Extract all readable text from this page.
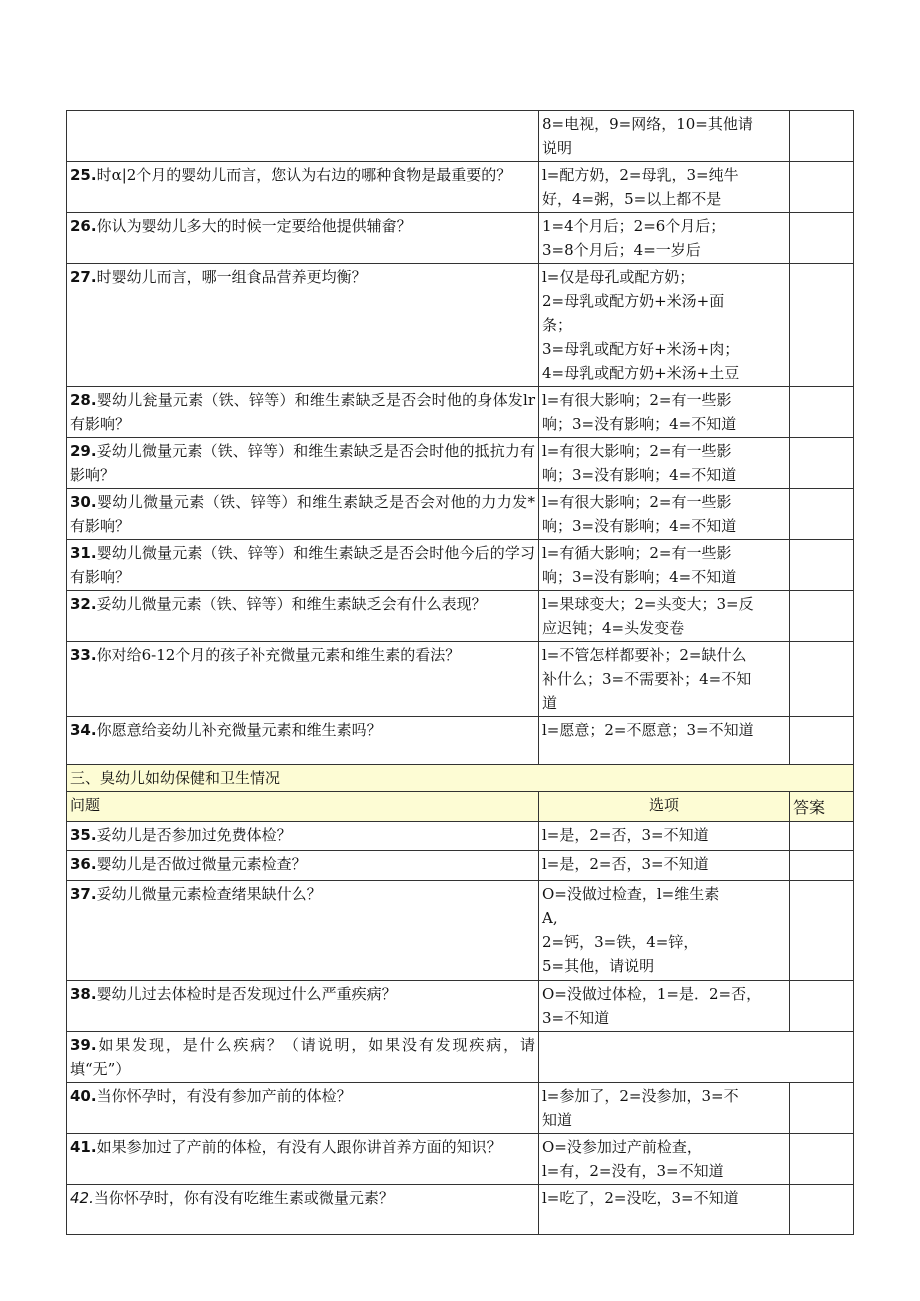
	8=电视，9=网络，10=其他请
说明	

25.时α|2个月的婴幼儿而言，您认为右边的哪种食物是最重要的？	l=配方奶，2=母乳，3=纯牛
好，4=粥，5=以上都不是	

26.你认为婴幼儿多大的时候一定要给他提供辅畲？	1=4个月后；2=6个月后；
3=8个月后；4=一岁后	

27.时婴幼儿而言，哪一组食品营养更均衡？	l=仅是母孔或配方奶；
2=母乳或配方奶+米汤+面
条；
3=母乳或配方好+米汤+肉；
4=母乳或配方奶+米汤+土豆	

28.婴幼儿瓮量元素（铁、锌等）和维生素缺乏是否会时他的身体发lr有影响？	l=有很大影响；2=有一些影
响；3=没有影响；4=不知道	

29.妥幼儿微量元素（铁、锌等）和维生素缺乏是否会时他的抵抗力有影响？	l=有很大影响；2=有一些影
响；3=没有影响；4=不知道	

30.婴幼儿微量元素（铁、锌等）和维生素缺乏是否会对他的力力发*有影响？	l=有很大影响；2=有一些影
响；3=没有影响；4=不知道	

31.婴幼儿微量元素（铁、锌等）和维生素缺乏是否会时他今后的学习有影响？	l=有循大影响；2=有一些影
响；3=没有影响；4=不知道	

32.妥幼儿微量元素（铁、锌等）和维生素缺乏会有什么表现？	l=果球变大；2=头变大；3=反
应迟钝；4=头发变卷	

33.你对给6-12个月的孩子补充微量元素和维生素的看法？	l=不管怎样都要补；2=缺什么
补什么；3=不需要补；4=不知
道	

34.你愿意给妾幼儿补充微量元素和维生素吗？	l=愿意；2=不愿意；3=不知道	
三、臭幼儿如幼保健和卫生情况		
问题	选项	答案

35.妥幼儿是否参加过免费体检？	l=是，2=否，3=不知道	

36.婴幼儿是否做过微量元素检查？	l=是，2=否，3=不知道	

37.妥幼儿微量元素检查绪果缺什么？	O=没做过检查，l=维生素
A,
2=钙，3=铁，4=锌，
5=其他，请说明	

38.婴幼儿过去体检时是否发现过什么严重疾病？	O=没做过体检，1=是．2=否，
3=不知道	

39.如果发现，是什么疾病？（请说明，如果没有发现疾病，请填“无”）		

40.当你怀孕时，有没有参加产前的体检？	l=参加了，2=没参加，3=不
知道	

41.如果参加过了产前的体检，有没有人跟你讲首养方面的知识？	O=没参加过产前检查，
l=有，2=没有，3=不知道	

42.当你怀孕时，你有没有吃维生素或微量元素？	l=吃了，2=没吃，3=不知道	
